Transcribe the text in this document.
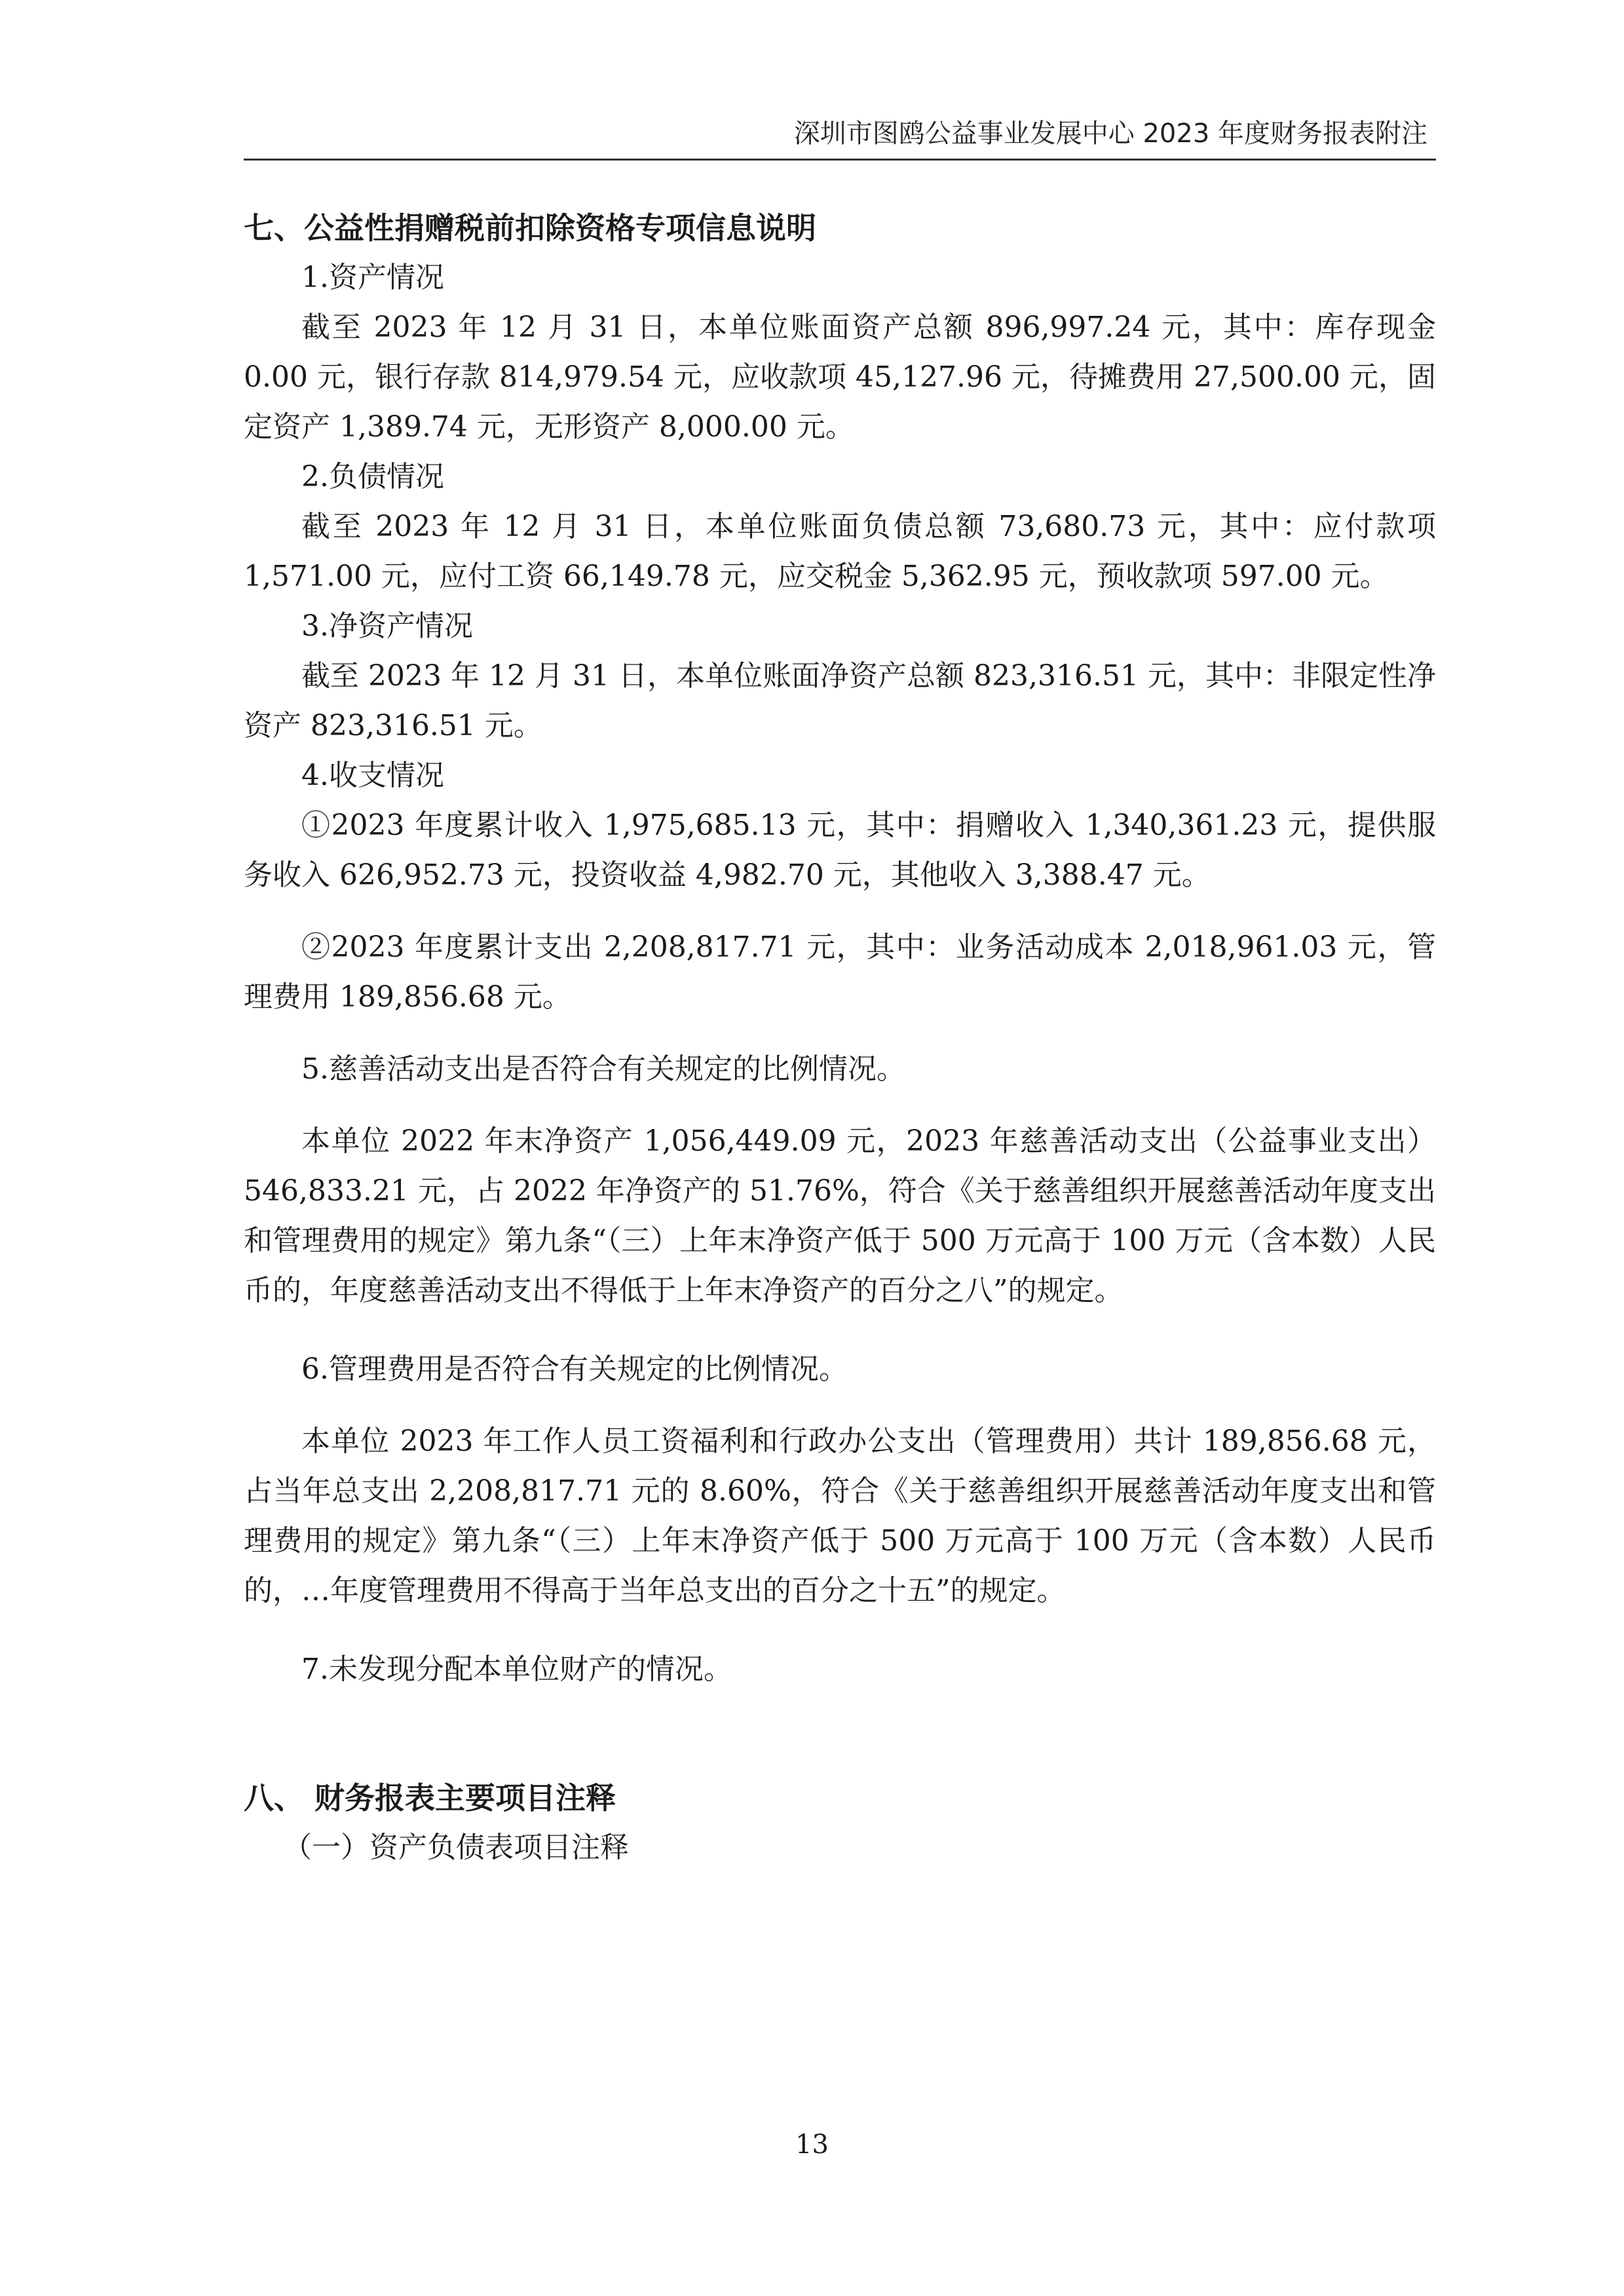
深圳市图鸥公益事业发展中心 2023 年度财务报表附注

七、公益性捐赠税前扣除资格专项信息说明

1.资产情况

截至 2023 年 12 月 31 日，本单位账面资产总额 896,997.24 元，其中：库存现金 0.00 元，银行存款 814,979.54 元，应收款项 45,127.96 元，待摊费用 27,500.00 元，固定资产 1,389.74 元，无形资产 8,000.00 元。

2.负债情况

截至 2023 年 12 月 31 日，本单位账面负债总额 73,680.73 元，其中：应付款项 1,571.00 元，应付工资 66,149.78 元，应交税金 5,362.95 元，预收款项 597.00 元。

3.净资产情况

截至 2023 年 12 月 31 日，本单位账面净资产总额 823,316.51 元，其中：非限定性净资产 823,316.51 元。

4.收支情况

①2023 年度累计收入 1,975,685.13 元，其中：捐赠收入 1,340,361.23 元，提供服务收入 626,952.73 元，投资收益 4,982.70 元，其他收入 3,388.47 元。

②2023 年度累计支出 2,208,817.71 元，其中：业务活动成本 2,018,961.03 元，管理费用 189,856.68 元。

5.慈善活动支出是否符合有关规定的比例情况。

本单位 2022 年末净资产 1,056,449.09 元，2023 年慈善活动支出（公益事业支出）546,833.21 元，占 2022 年净资产的 51.76%，符合《关于慈善组织开展慈善活动年度支出和管理费用的规定》第九条“（三）上年末净资产低于 500 万元高于 100 万元（含本数）人民币的，年度慈善活动支出不得低于上年末净资产的百分之八”的规定。

6.管理费用是否符合有关规定的比例情况。

本单位 2023 年工作人员工资福利和行政办公支出（管理费用）共计 189,856.68 元，占当年总支出 2,208,817.71 元的 8.60%，符合《关于慈善组织开展慈善活动年度支出和管理费用的规定》第九条“（三）上年末净资产低于 500 万元高于 100 万元（含本数）人民币的，…年度管理费用不得高于当年总支出的百分之十五”的规定。

7.未发现分配本单位财产的情况。

八、 财务报表主要项目注释

（一）资产负债表项目注释

13
